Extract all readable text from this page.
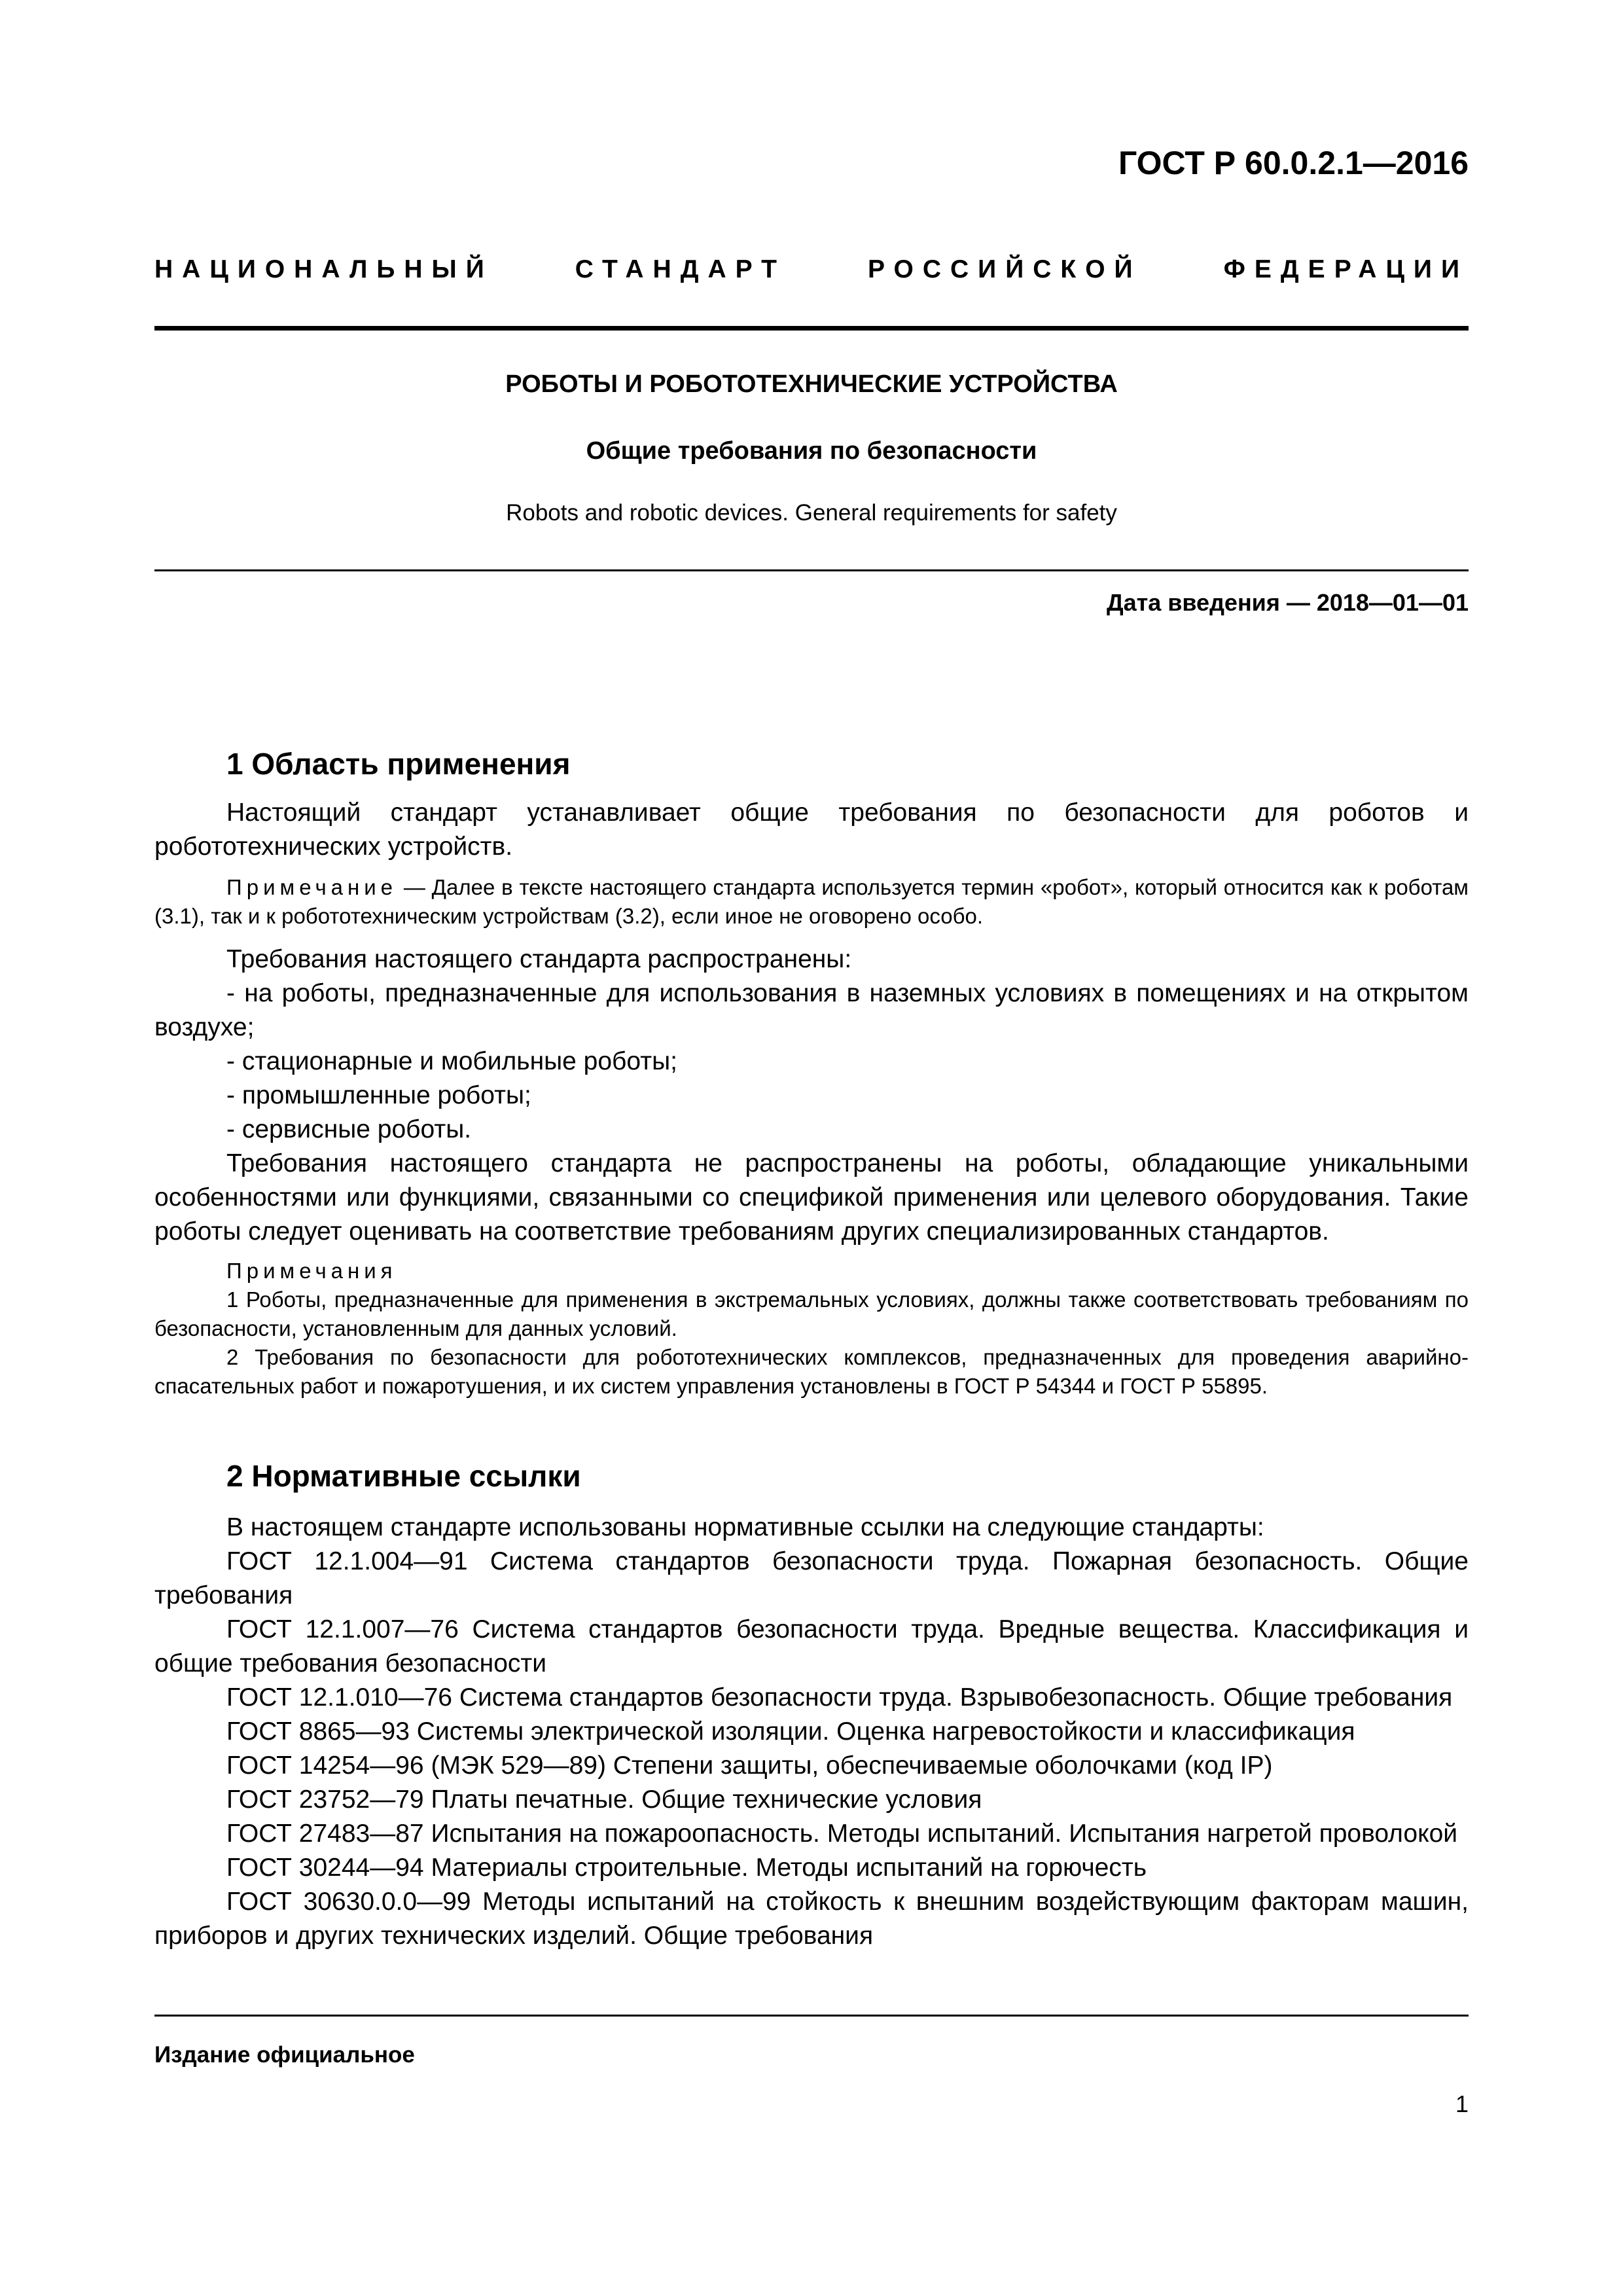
ГОСТ Р 60.0.2.1—2016
НАЦИОНАЛЬНЫЙ СТАНДАРТ РОССИЙСКОЙ ФЕДЕРАЦИИ
РОБОТЫ И РОБОТОТЕХНИЧЕСКИЕ УСТРОЙСТВА
Общие требования по безопасности
Robots and robotic devices. General requirements for safety
Дата введения — 2018—01—01

1 Область применения

Настоящий стандарт устанавливает общие требования по безопасности для роботов и робототехнических устройств.

Примечание — Далее в тексте настоящего стандарта используется термин «робот», который относится как к роботам (3.1), так и к робототехническим устройствам (3.2), если иное не оговорено особо.

Требования настоящего стандарта распространены:

- на роботы, предназначенные для использования в наземных условиях в помещениях и на открытом воздухе;

- стационарные и мобильные роботы;

- промышленные роботы;

- сервисные роботы.

Требования настоящего стандарта не распространены на роботы, обладающие уникальными особенностями или функциями, связанными со спецификой применения или целевого оборудования. Такие роботы следует оценивать на соответствие требованиям других специализированных стандартов.

Примечания

1 Роботы, предназначенные для применения в экстремальных условиях, должны также соответствовать требованиям по безопасности, установленным для данных условий.

2 Требования по безопасности для робототехнических комплексов, предназначенных для проведения аварийно-спасательных работ и пожаротушения, и их систем управления установлены в ГОСТ Р 54344 и ГОСТ Р 55895.

2 Нормативные ссылки

В настоящем стандарте использованы нормативные ссылки на следующие стандарты:

ГОСТ 12.1.004—91 Система стандартов безопасности труда. Пожарная безопасность. Общие требования

ГОСТ 12.1.007—76 Система стандартов безопасности труда. Вредные вещества. Классификация и общие требования безопасности

ГОСТ 12.1.010—76 Система стандартов безопасности труда. Взрывобезопасность. Общие требования

ГОСТ 8865—93 Системы электрической изоляции. Оценка нагревостойкости и классификация

ГОСТ 14254—96 (МЭК 529—89) Степени защиты, обеспечиваемые оболочками (код IP)

ГОСТ 23752—79 Платы печатные. Общие технические условия

ГОСТ 27483—87 Испытания на пожароопасность. Методы испытаний. Испытания нагретой проволокой

ГОСТ 30244—94 Материалы строительные. Методы испытаний на горючесть

ГОСТ 30630.0.0—99 Методы испытаний на стойкость к внешним воздействующим факторам машин, приборов и других технических изделий. Общие требования

Издание официальное
1
